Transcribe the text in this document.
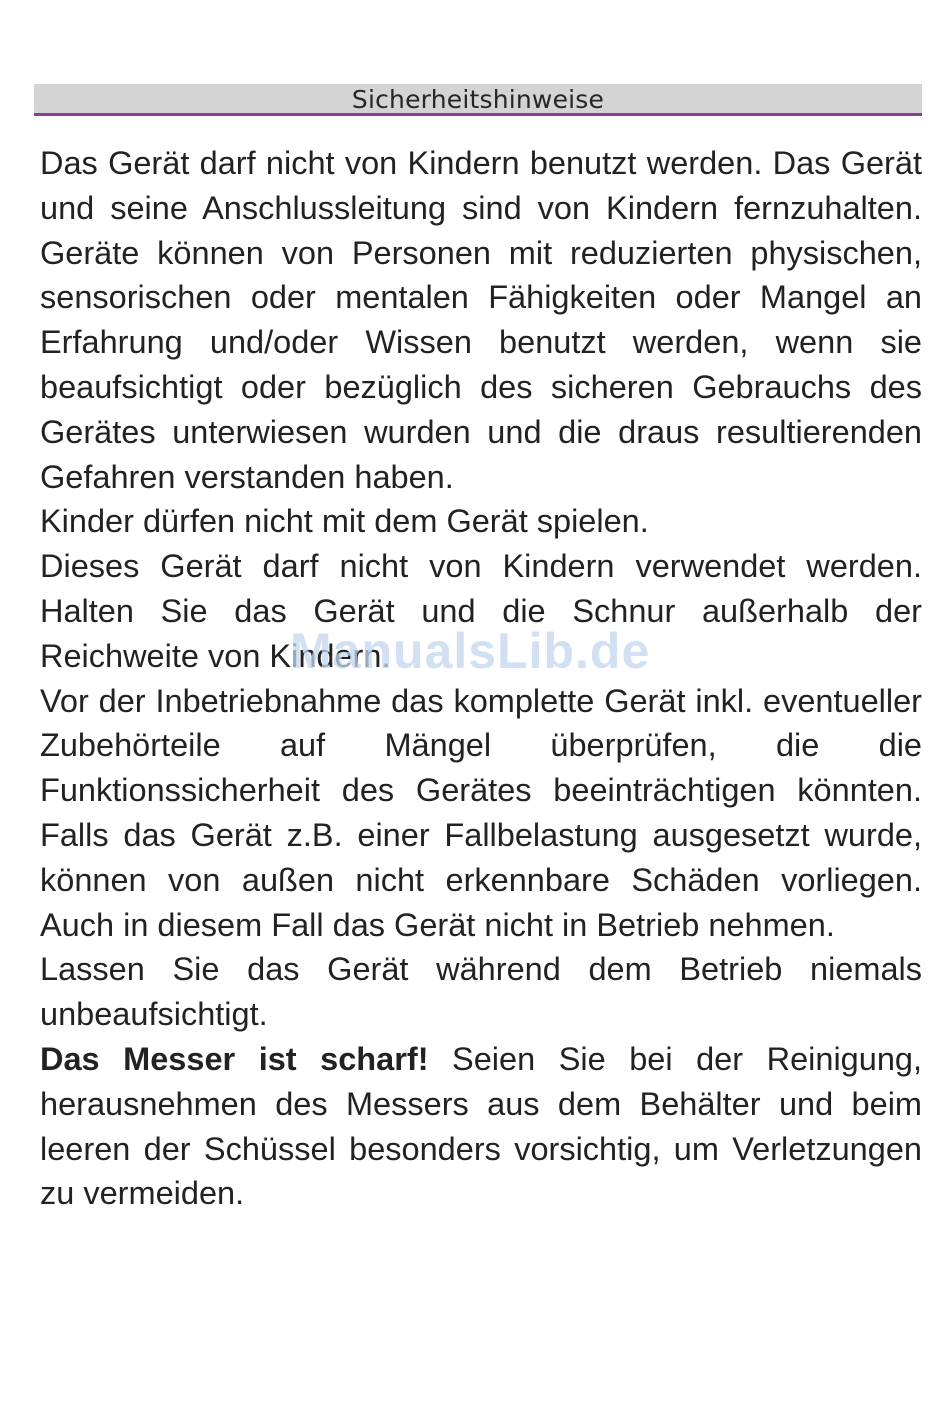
Sicherheitshinweise

Das Gerät darf nicht von Kindern benutzt werden. Das Gerät und seine Anschlussleitung sind von Kindern fernzuhalten. Geräte können von Personen mit reduzierten physischen, sensorischen oder mentalen Fähigkeiten oder Mangel an Erfahrung und/oder Wissen benutzt werden, wenn sie beaufsichtigt oder bezüglich des sicheren Gebrauchs des Gerätes unterwiesen wurden und die draus resultierenden Gefahren verstanden haben.

Kinder dürfen nicht mit dem Gerät spielen.

Dieses Gerät darf nicht von Kindern verwendet werden. Halten Sie das Gerät und die Schnur außerhalb der Reichweite von Kindern.

Vor der Inbetriebnahme das komplette Gerät inkl. eventueller Zubehörteile auf Mängel überprüfen, die die Funktionssicherheit des Gerätes beeinträchtigen könnten. Falls das Gerät z.B. einer Fallbelastung ausgesetzt wurde, können von außen nicht erkennbare Schäden vorliegen. Auch in diesem Fall das Gerät nicht in Betrieb nehmen.

Lassen Sie das Gerät während dem Betrieb niemals unbeaufsichtigt.

Das Messer ist scharf! Seien Sie bei der Reinigung, herausnehmen des Messers aus dem Behälter und beim leeren der Schüssel besonders vorsichtig, um Verletzungen zu vermeiden.

ManualsLib.de
